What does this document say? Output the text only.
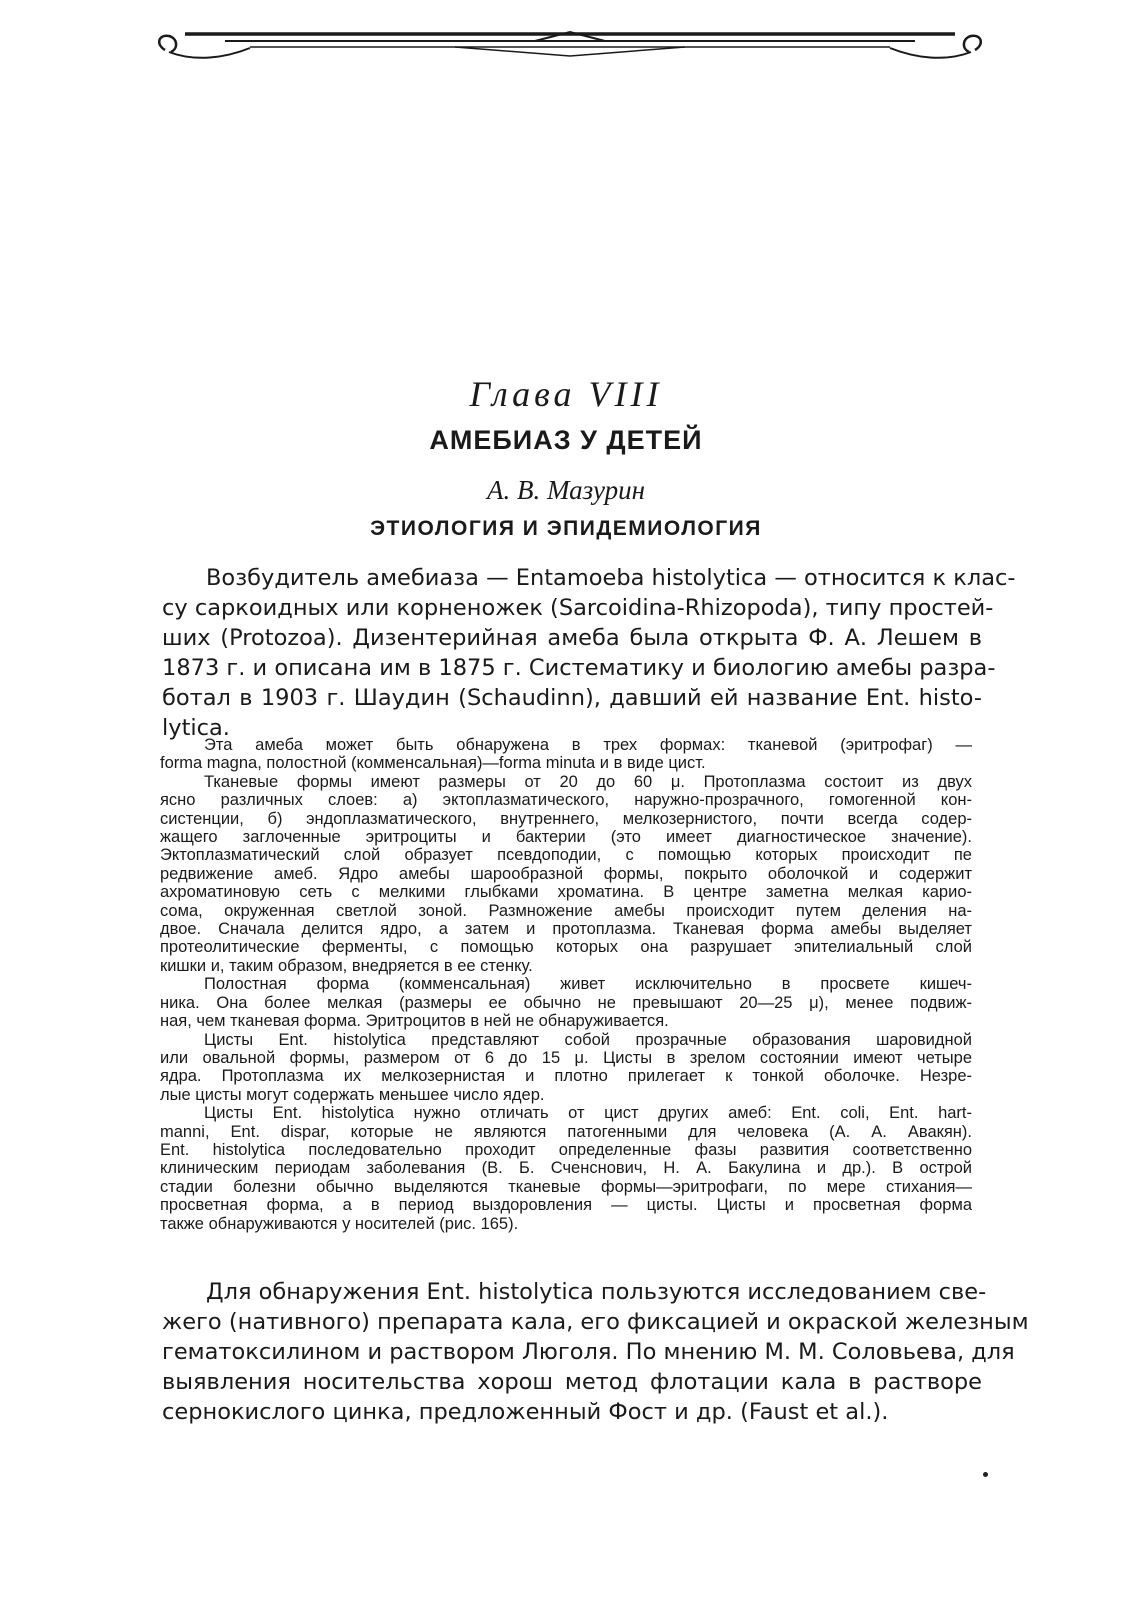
Глава VIII
АМЕБИАЗ У ДЕТЕЙ
А. В. Мазурин
ЭТИОЛОГИЯ И ЭПИДЕМИОЛОГИЯ
Возбудитель амебиаза — Entamoeba histolytica — относится к клас-
су саркоидных или корненожек (Sarcoidina-Rhizopoda), типу простей-
ших (Protozoa). Дизентерийная амеба была открыта Ф. А. Лешем в
1873 г. и описана им в 1875 г. Систематику и биологию амебы разра-
ботал в 1903 г. Шаудин (Schaudinn), давший ей название Ent. histo-
lytica.
Эта амеба может быть обнаружена в трех формах: тканевой (эритрофаг) —
forma magna, полостной (комменсальная)—forma minuta и в виде цист.
Тканевые формы имеют размеры от 20 до 60 μ. Протоплазма состоит из двух
ясно различных слоев: а) эктоплазматического, наружно-прозрачного, гомогенной кон-
систенции, б) эндоплазматического, внутреннего, мелкозернистого, почти всегда содер-
жащего заглоченные эритроциты и бактерии (это имеет диагностическое значение).
Эктоплазматический слой образует псевдоподии, с помощью которых происходит пе
редвижение амеб. Ядро амебы шарообразной формы, покрыто оболочкой и содержит
ахроматиновую сеть с мелкими глыбками хроматина. В центре заметна мелкая карио-
сома, окруженная светлой зоной. Размножение амебы происходит путем деления на-
двое. Сначала делится ядро, а затем и протоплазма. Тканевая форма амебы выделяет
протеолитические ферменты, с помощью которых она разрушает эпителиальный слой
кишки и, таким образом, внедряется в ее стенку.
Полостная форма (комменсальная) живет исключительно в просвете кишеч-
ника. Она более мелкая (размеры ее обычно не превышают 20—25 μ), менее подвиж-
ная, чем тканевая форма. Эритроцитов в ней не обнаруживается.
Цисты Ent. histolytica представляют собой прозрачные образования шаровидной
или овальной формы, размером от 6 до 15 μ. Цисты в зрелом состоянии имеют четыре
ядра. Протоплазма их мелкозернистая и плотно прилегает к тонкой оболочке. Незре-
лые цисты могут содержать меньшее число ядер.
Цисты Ent. histolytica нужно отличать от цист других амеб: Ent. coli, Ent. hart-
manni, Ent. dispar, которые не являются патогенными для человека (А. А. Авакян).
Ent. histolytica последовательно проходит определенные фазы развития соответственно
клиническим периодам заболевания (В. Б. Сченснович, Н. А. Бакулина и др.). В острой
стадии болезни обычно выделяются тканевые формы—эритрофаги, по мере стихания—
просветная форма, а в период выздоровления — цисты. Цисты и просветная форма
также обнаруживаются у носителей (рис. 165).
Для обнаружения Ent. histolytica пользуются исследованием све-
жего (нативного) препарата кала, его фиксацией и окраской железным
гематоксилином и раствором Люголя. По мнению М. М. Соловьева, для
выявления носительства хорош метод флотации кала в растворе
сернокислого цинка, предложенный Фост и др. (Faust et al.).
